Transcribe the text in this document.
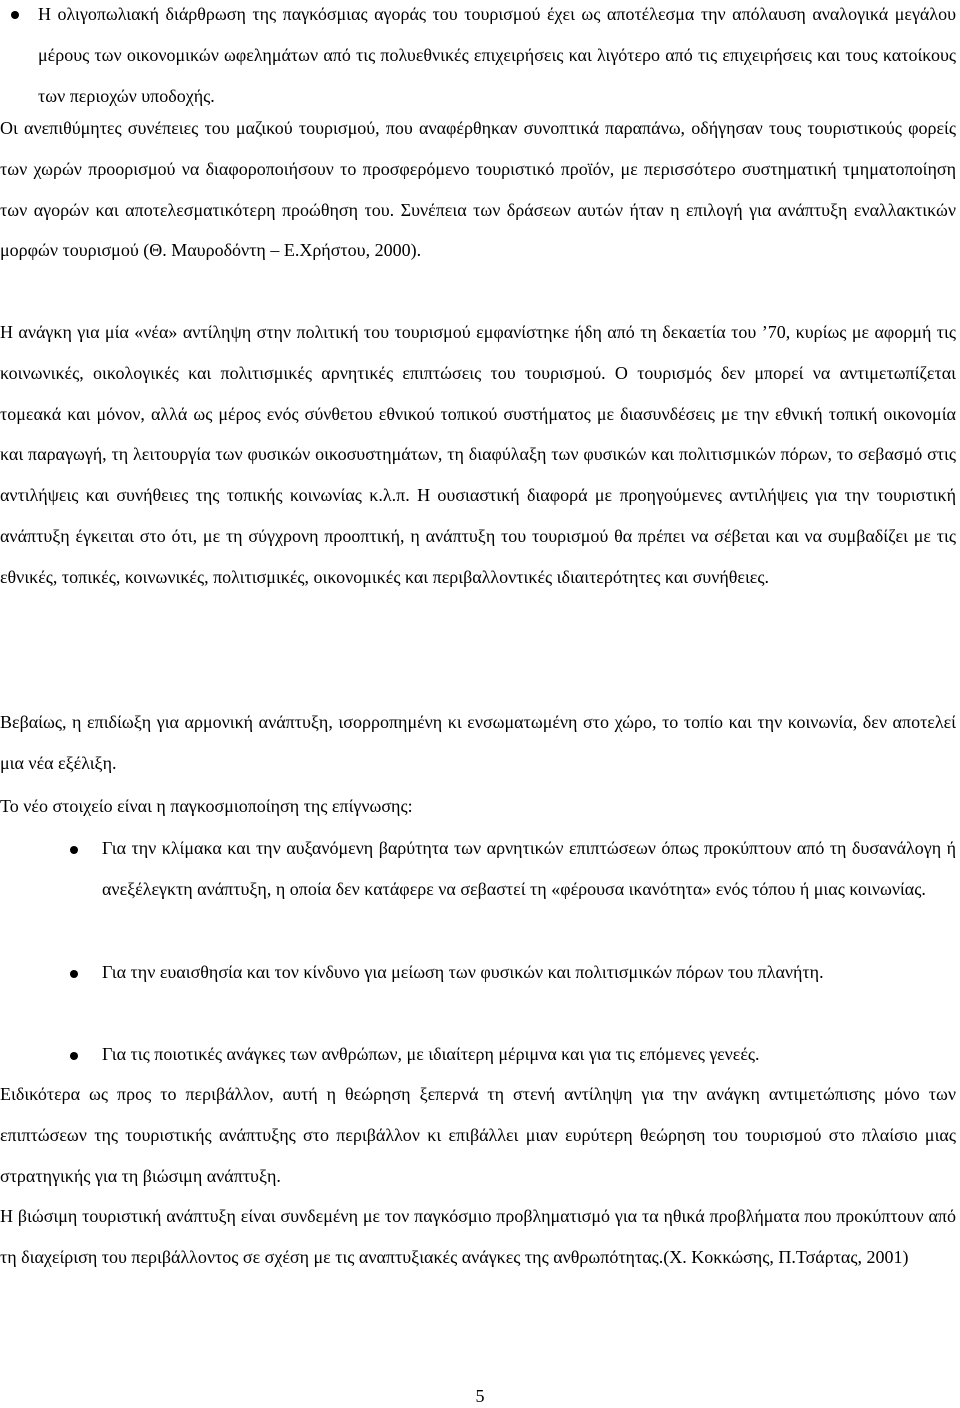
Η ολιγοπωλιακή διάρθρωση της παγκόσμιας αγοράς του τουρισμού έχει ως αποτέλεσμα την απόλαυση αναλογικά μεγάλου μέρους των οικονομικών ωφελημάτων από τις πολυεθνικές επιχειρήσεις και λιγότερο από τις επιχειρήσεις και τους κατοίκους των περιοχών υποδοχής.
Οι ανεπιθύμητες συνέπειες του μαζικού τουρισμού, που αναφέρθηκαν συνοπτικά παραπάνω, οδήγησαν τους τουριστικούς φορείς των χωρών προορισμού να διαφοροποιήσουν το προσφερόμενο τουριστικό προϊόν, με περισσότερο συστηματική τμηματοποίηση των αγορών και αποτελεσματικότερη προώθηση του. Συνέπεια των δράσεων αυτών ήταν η επιλογή για ανάπτυξη εναλλακτικών μορφών τουρισμού (Θ. Μαυροδόντη – Ε.Χρήστου, 2000).
Η ανάγκη για μία «νέα» αντίληψη στην πολιτική του τουρισμού εμφανίστηκε ήδη από τη δεκαετία του ’70, κυρίως με αφορμή τις κοινωνικές, οικολογικές και πολιτισμικές αρνητικές επιπτώσεις του τουρισμού. Ο τουρισμός δεν μπορεί να αντιμετωπίζεται τομεακά και μόνον, αλλά ως μέρος ενός σύνθετου εθνικού τοπικού συστήματος με διασυνδέσεις με την εθνική τοπική οικονομία και παραγωγή, τη λειτουργία των φυσικών οικοσυστημάτων, τη διαφύλαξη των φυσικών και πολιτισμικών πόρων, το σεβασμό στις αντιλήψεις και συνήθειες της τοπικής κοινωνίας κ.λ.π. Η ουσιαστική διαφορά με προηγούμενες αντιλήψεις για την τουριστική ανάπτυξη έγκειται στο ότι, με τη σύγχρονη προοπτική, η ανάπτυξη του τουρισμού θα πρέπει να σέβεται και να συμβαδίζει με τις εθνικές, τοπικές, κοινωνικές, πολιτισμικές, οικονομικές και περιβαλλοντικές ιδιαιτερότητες και συνήθειες.
Βεβαίως, η επιδίωξη για αρμονική ανάπτυξη, ισορροπημένη κι ενσωματωμένη στο χώρο, το τοπίο και την κοινωνία, δεν αποτελεί μια νέα εξέλιξη.
Το νέο στοιχείο είναι η παγκοσμιοποίηση της επίγνωσης:
Για την κλίμακα και την αυξανόμενη βαρύτητα των αρνητικών επιπτώσεων όπως προκύπτουν από τη δυσανάλογη ή ανεξέλεγκτη ανάπτυξη, η οποία δεν κατάφερε να σεβαστεί τη «φέρουσα ικανότητα» ενός τόπου ή μιας κοινωνίας.
Για την ευαισθησία και τον κίνδυνο για μείωση των φυσικών και πολιτισμικών πόρων του πλανήτη.
Για τις ποιοτικές ανάγκες των ανθρώπων, με ιδιαίτερη μέριμνα και για τις επόμενες γενεές.
Ειδικότερα ως προς το περιβάλλον, αυτή η θεώρηση ξεπερνά τη στενή αντίληψη για την ανάγκη αντιμετώπισης μόνο των επιπτώσεων της τουριστικής ανάπτυξης στο περιβάλλον κι επιβάλλει μιαν ευρύτερη θεώρηση του τουρισμού στο πλαίσιο μιας στρατηγικής για τη βιώσιμη ανάπτυξη.
Η βιώσιμη τουριστική ανάπτυξη είναι συνδεμένη με τον παγκόσμιο προβληματισμό για τα ηθικά προβλήματα που προκύπτουν από τη διαχείριση του περιβάλλοντος σε σχέση με τις αναπτυξιακές ανάγκες της ανθρωπότητας.(Χ. Κοκκώσης, Π.Τσάρτας, 2001)
5
